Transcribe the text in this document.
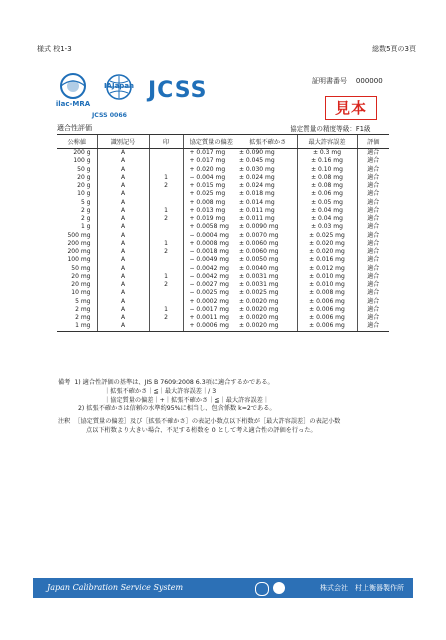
様式 校1-3	総数5頁の3頁
ilac-MRA
IAJapan JCSS
JCSS 0066
証明書番号 000000
見本
適合性評価	協定質量の精度等級：F1級
公称値	識別記号	印	協定質量の偏差	拡張不確かさ	最大許容誤差	評価
200 g	A		+ 0.017 mg	± 0.090 mg	± 0.3 mg	適合
100 g	A		+ 0.017 mg	± 0.045 mg	± 0.16 mg	適合
50 g	A		+ 0.020 mg	± 0.030 mg	± 0.10 mg	適合
20 g	A	1	− 0.004 mg	± 0.024 mg	± 0.08 mg	適合
20 g	A	2	+ 0.015 mg	± 0.024 mg	± 0.08 mg	適合
10 g	A		+ 0.025 mg	± 0.018 mg	± 0.06 mg	適合
5 g	A		+ 0.008 mg	± 0.014 mg	± 0.05 mg	適合
2 g	A	1	+ 0.013 mg	± 0.011 mg	± 0.04 mg	適合
2 g	A	2	+ 0.019 mg	± 0.011 mg	± 0.04 mg	適合
1 g	A		+ 0.0058 mg	± 0.0090 mg	± 0.03 mg	適合
500 mg	A		− 0.0004 mg	± 0.0070 mg	± 0.025 mg	適合
200 mg	A	1	+ 0.0008 mg	± 0.0060 mg	± 0.020 mg	適合
200 mg	A	2	− 0.0018 mg	± 0.0060 mg	± 0.020 mg	適合
100 mg	A		− 0.0049 mg	± 0.0050 mg	± 0.016 mg	適合
50 mg	A		− 0.0042 mg	± 0.0040 mg	± 0.012 mg	適合
20 mg	A	1	− 0.0042 mg	± 0.0031 mg	± 0.010 mg	適合
20 mg	A	2	− 0.0027 mg	± 0.0031 mg	± 0.010 mg	適合
10 mg	A		− 0.0025 mg	± 0.0025 mg	± 0.008 mg	適合
5 mg	A		+ 0.0002 mg	± 0.0020 mg	± 0.006 mg	適合
2 mg	A	1	− 0.0017 mg	± 0.0020 mg	± 0.006 mg	適合
2 mg	A	2	+ 0.0011 mg	± 0.0020 mg	± 0.006 mg	適合
1 mg	A		+ 0.0006 mg	± 0.0020 mg	± 0.006 mg	適合
備考 1) 適合性評価の基準は、JIS B 7609:2008 6.3項に適合するかである。
｜拡張不確かさ｜≦｜最大許容誤差｜/ 3
｜協定質量の偏差｜+｜拡張不確かさ｜≦｜最大許容誤差｜
2) 拡張不確かさは信頼の水準約95%に相当し、包含係数 k=2である。
注釈 ［協定質量の偏差］及び［拡張不確かさ］の表記小数点以下桁数が［最大許容誤差］の表記小数
点以下桁数より大きい場合、不足する桁数を 0 として考え適合性の評価を行った。
Japan Calibration Service System	株式会社　村上衡器製作所
